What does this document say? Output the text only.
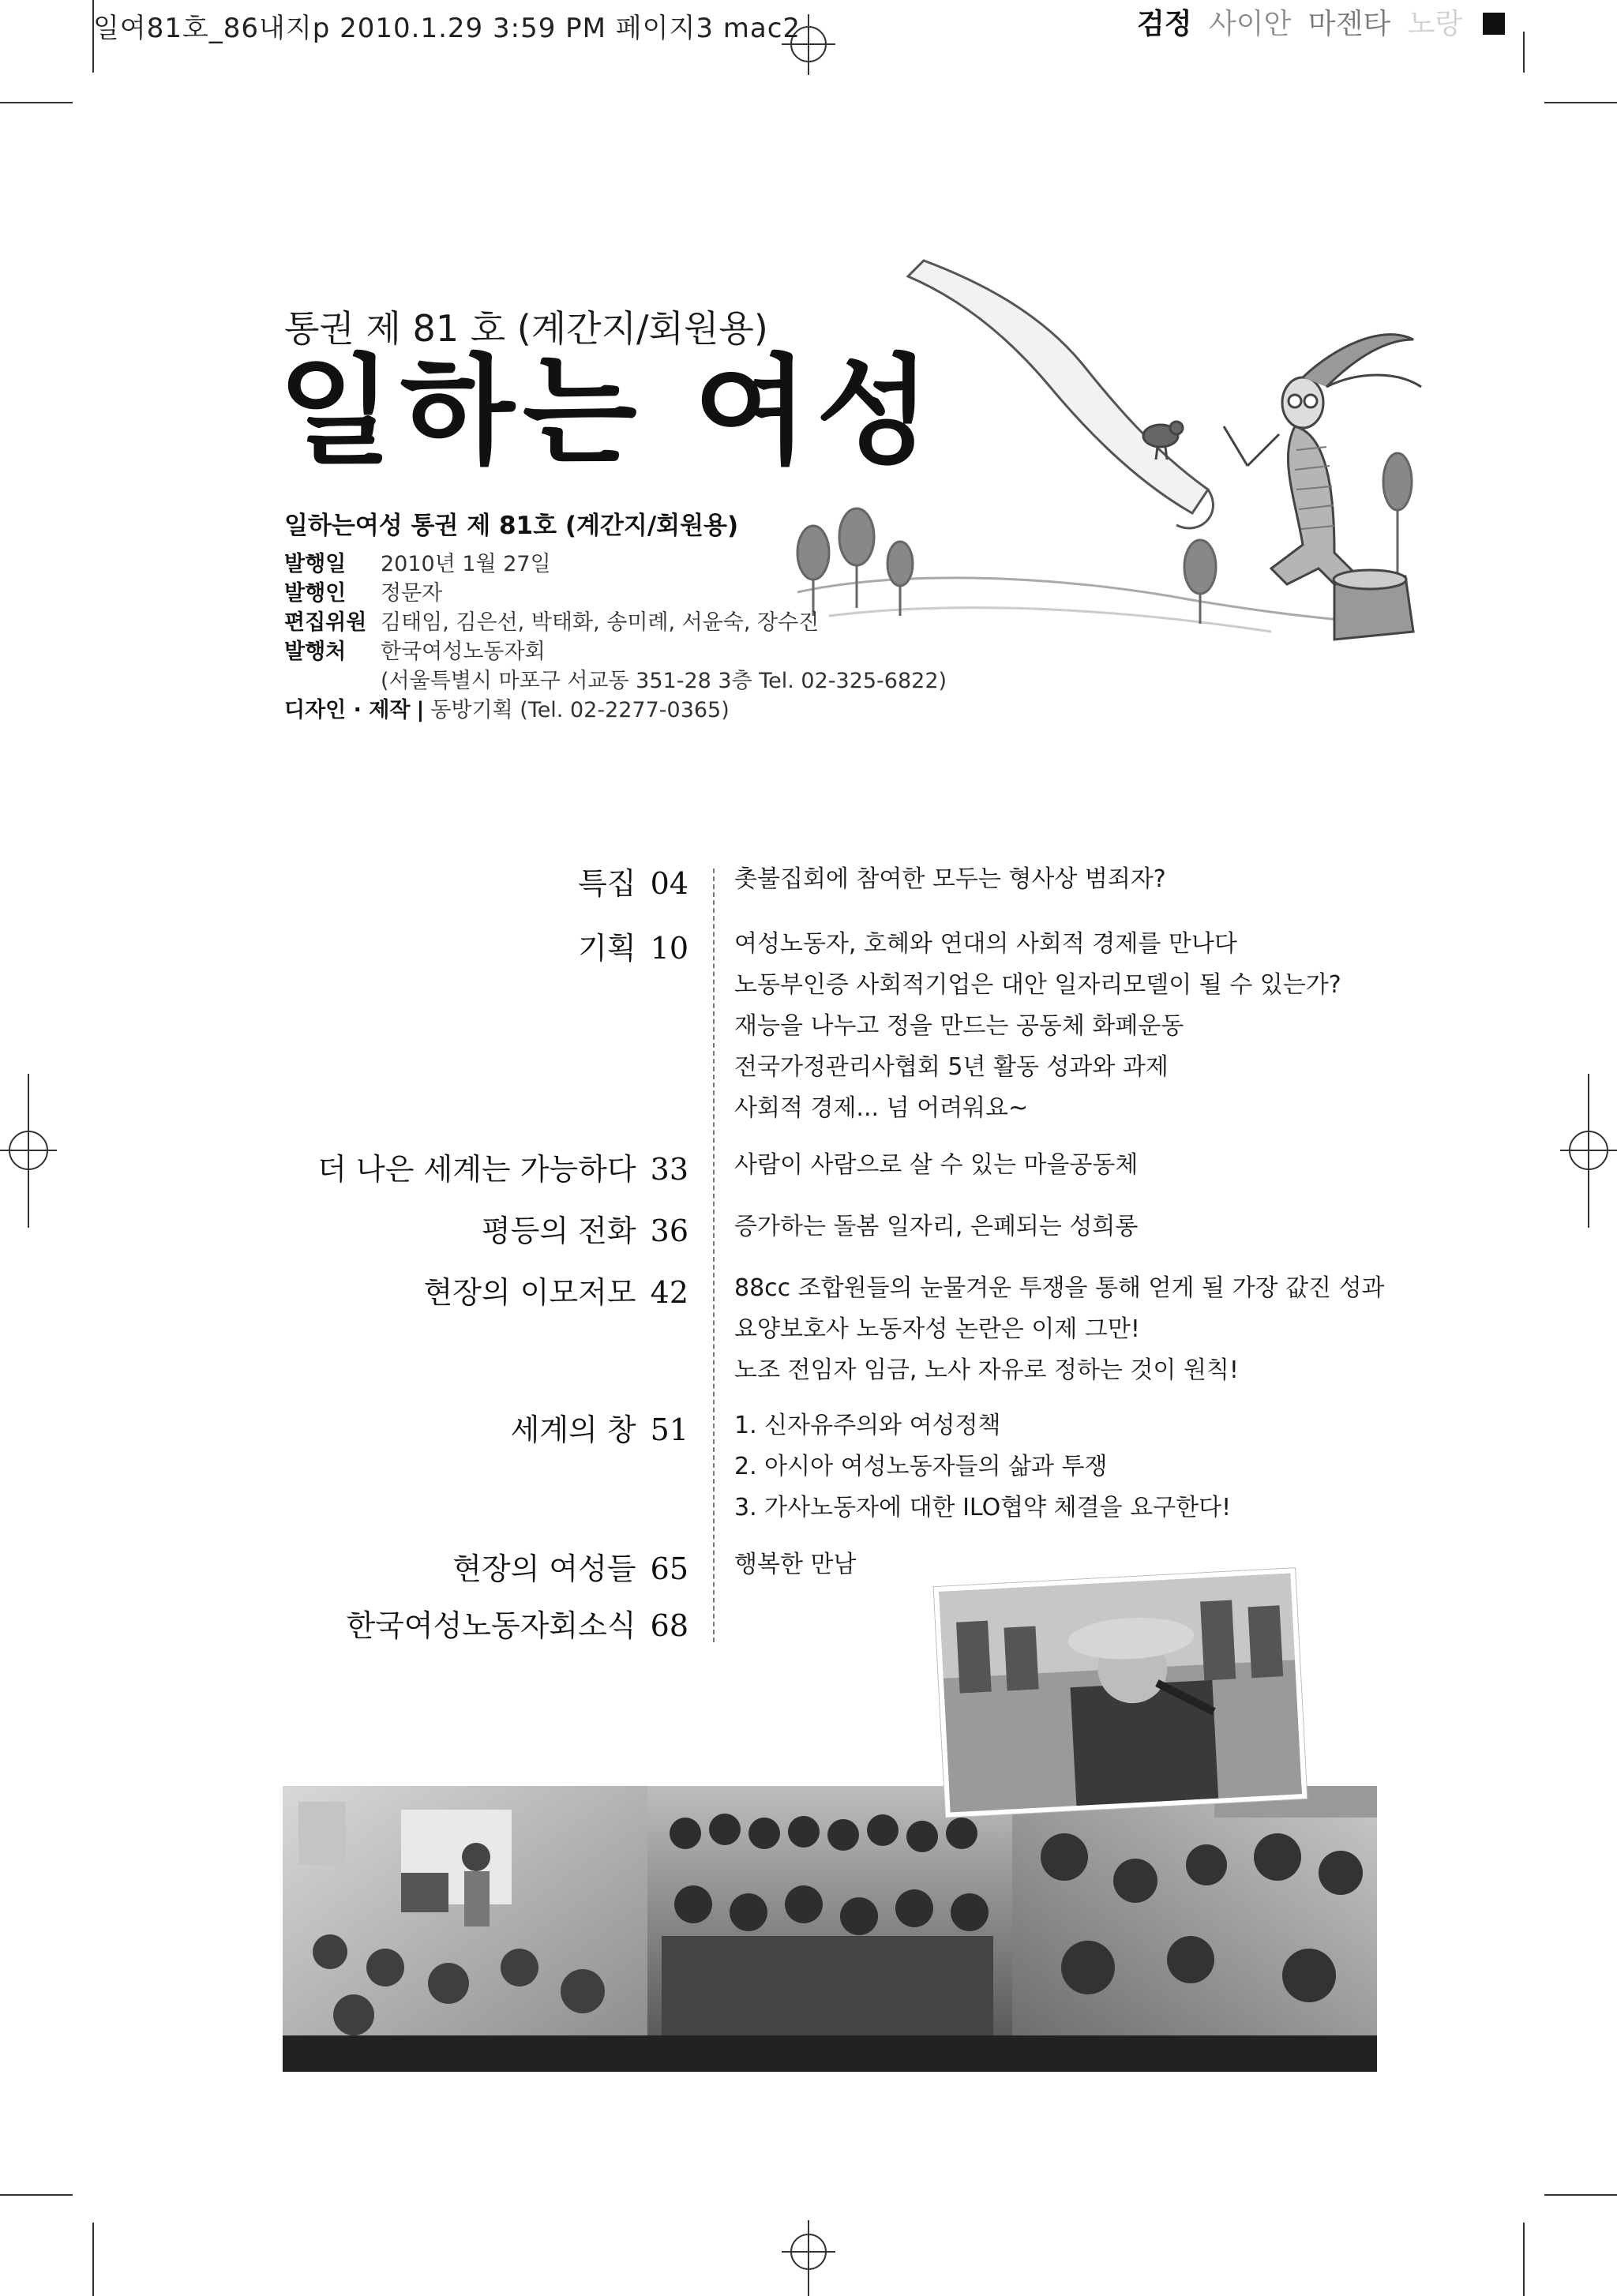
일여81호_86내지p 2010.1.29 3:59 PM 페이지3 mac2	검정 사이안 마젠타 노랑
통권 제 81 호 (계간지/회원용)
일하는 여성
일하는여성 통권 제 81호 (계간지/회원용)
발행일 2010년 1월 27일
발행인 정문자
편집위원 김태임, 김은선, 박태화, 송미례, 서윤숙, 장수진
발행처 한국여성노동자회
(서울특별시 마포구 서교동 351-28 3층 Tel. 02-325-6822)
디자인 · 제작 | 동방기획 (Tel. 02-2277-0365)
특집 04 촛불집회에 참여한 모두는 형사상 범죄자?
기획 10 여성노동자, 호혜와 연대의 사회적 경제를 만나다
노동부인증 사회적기업은 대안 일자리모델이 될 수 있는가?
재능을 나누고 정을 만드는 공동체 화폐운동
전국가정관리사협회 5년 활동 성과와 과제
사회적 경제... 넘 어려워요~
더 나은 세계는 가능하다 33 사람이 사람으로 살 수 있는 마을공동체
평등의 전화 36 증가하는 돌봄 일자리, 은폐되는 성희롱
현장의 이모저모 42 88cc 조합원들의 눈물겨운 투쟁을 통해 얻게 될 가장 값진 성과
요양보호사 노동자성 논란은 이제 그만!
노조 전임자 임금, 노사 자유로 정하는 것이 원칙!
세계의 창 51 1. 신자유주의와 여성정책
2. 아시아 여성노동자들의 삶과 투쟁
3. 가사노동자에 대한 ILO협약 체결을 요구한다!
현장의 여성들 65 행복한 만남
한국여성노동자회소식 68
